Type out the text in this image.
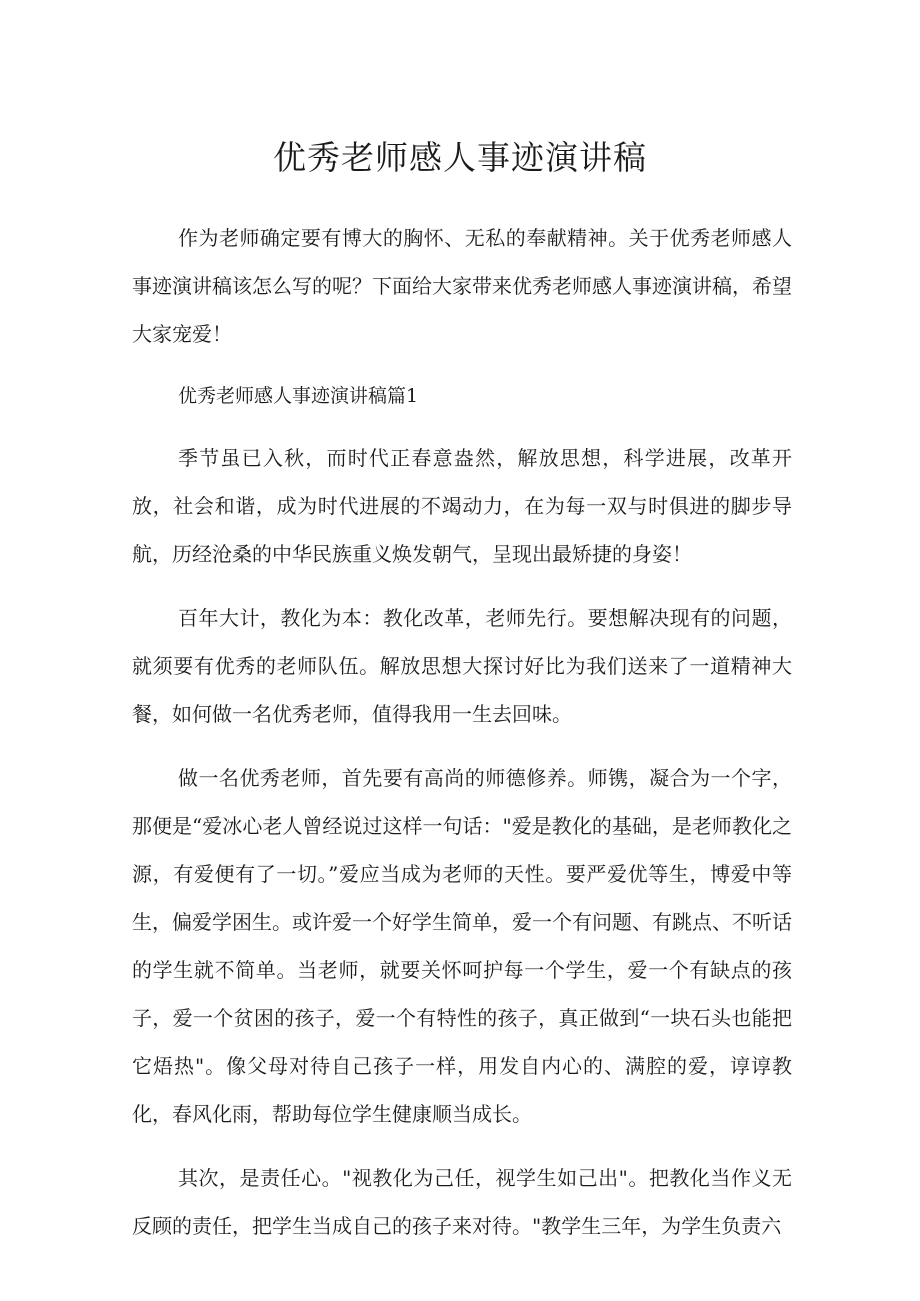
优秀老师感人事迹演讲稿

作为老师确定要有博大的胸怀、无私的奉献精神。关于优秀老师感人事迹演讲稿该怎么写的呢？下面给大家带来优秀老师感人事迹演讲稿，希望大家宠爱！

优秀老师感人事迹演讲稿篇1

季节虽已入秋，而时代正春意盎然，解放思想，科学进展，改革开放，社会和谐，成为时代进展的不竭动力，在为每一双与时俱进的脚步导航，历经沧桑的中华民族重义焕发朝气，呈现出最矫捷的身姿！

百年大计，教化为本：教化改革，老师先行。要想解决现有的问题，就须要有优秀的老师队伍。解放思想大探讨好比为我们送来了一道精神大餐，如何做一名优秀老师，值得我用一生去回味。

做一名优秀老师，首先要有高尚的师德修养。师镌，凝合为一个字，那便是“爱冰心老人曾经说过这样一句话："爱是教化的基础，是老师教化之源，有爱便有了一切。”爱应当成为老师的天性。要严爱优等生，博爱中等生，偏爱学困生。或许爱一个好学生简单，爱一个有问题、有跳点、不听话的学生就不简单。当老师，就要关怀呵护每一个学生，爱一个有缺点的孩子，爱一个贫困的孩子，爱一个有特性的孩子，真正做到“一块石头也能把它焐热"。像父母对待自己孩子一样，用发自内心的、满腔的爱，谆谆教化，春风化雨，帮助每位学生健康顺当成长。

其次，是责任心。"视教化为己任，视学生如己出"。把教化当作义无反顾的责任，把学生当成自己的孩子来对待。"教学生三年，为学生负责六
